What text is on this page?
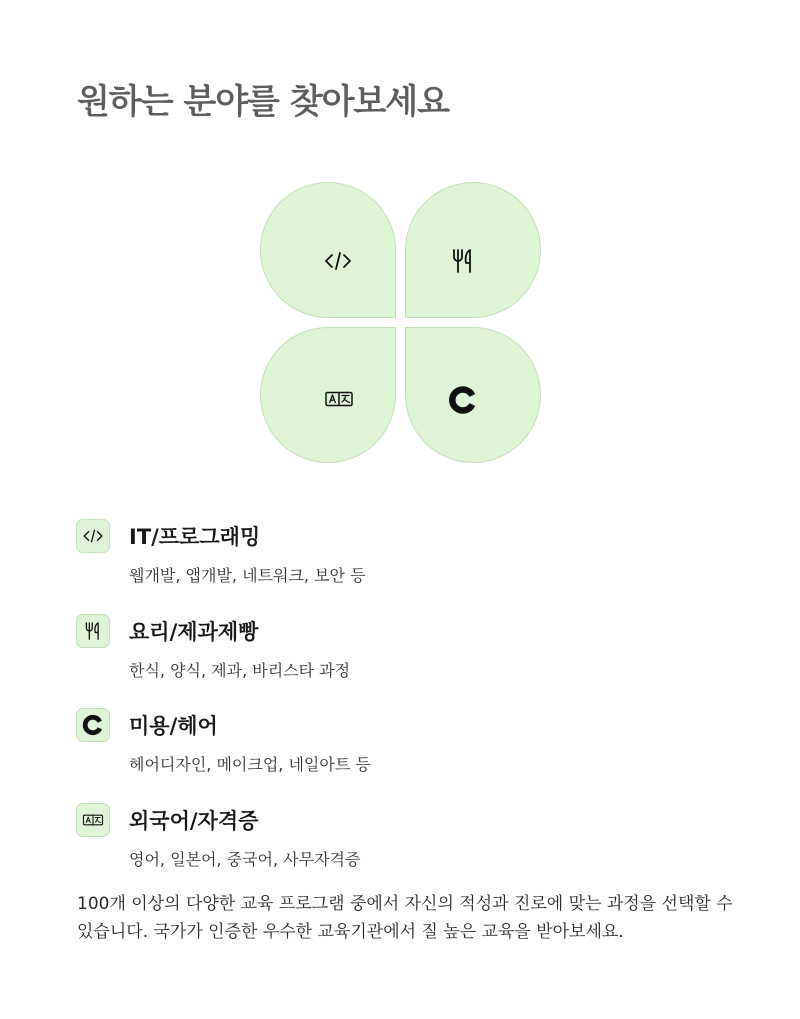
원하는 분야를 찾아보세요
IT/프로그래밍

웹개발, 앱개발, 네트워크, 보안 등

요리/제과제빵

한식, 양식, 제과, 바리스타 과정

미용/헤어

헤어디자인, 메이크업, 네일아트 등

외국어/자격증

영어, 일본어, 중국어, 사무자격증

100개 이상의 다양한 교육 프로그램 중에서 자신의 적성과 진로에 맞는 과정을 선택할 수 있습니다. 국가가 인증한 우수한 교육기관에서 질 높은 교육을 받아보세요.
